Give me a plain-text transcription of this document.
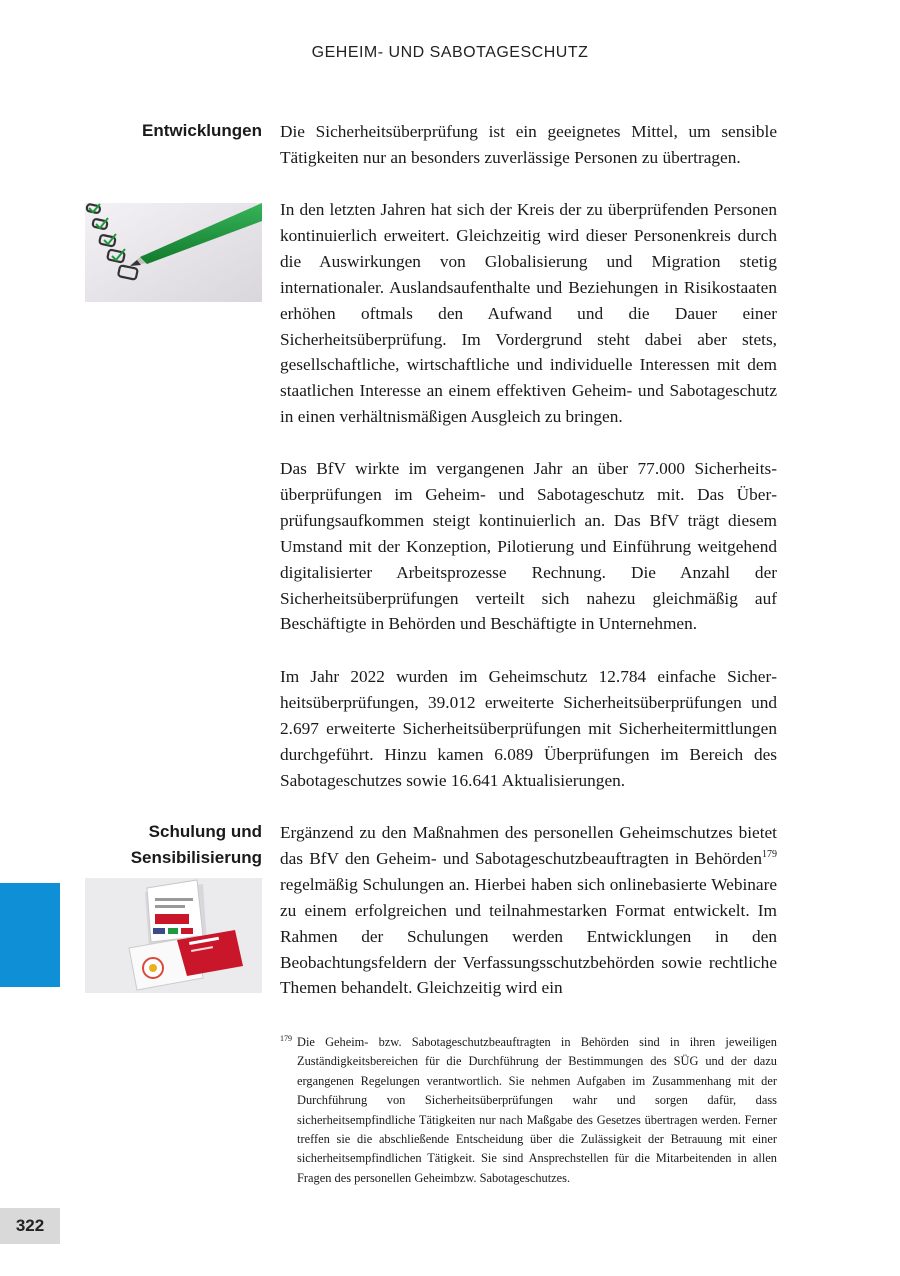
GEHEIM- UND SABOTAGESCHUTZ
Entwicklungen Die Sicherheitsüberprüfung ist ein geeignetes Mittel, um sensible Tätigkeiten nur an besonders zuverlässige Personen zu übertragen.

In den letzten Jahren hat sich der Kreis der zu überprüfenden Personen kontinuierlich erweitert. Gleichzeitig wird dieser Personenkreis durch die Auswirkungen von Globalisierung und Migration stetig internationaler. Auslandsaufenthalte und Beziehungen in Risikostaaten erhöhen oftmals den Aufwand und die Dauer einer Sicherheitsüberprüfung. Im Vordergrund steht dabei aber stets, gesellschaftliche, wirtschaftliche und individuelle Interessen mit dem staatlichen Interesse an einem effektiven Geheim- und Sabotageschutz in einen verhältnismäßigen Ausgleich zu bringen.

Das BfV wirkte im vergangenen Jahr an über 77.000 Sicherheitsüberprüfungen im Geheim- und Sabotageschutz mit. Das Überprüfungsaufkommen steigt kontinuierlich an. Das BfV trägt diesem Umstand mit der Konzeption, Pilotierung und Einführung weitgehend digitalisierter Arbeitsprozesse Rechnung. Die Anzahl der Sicherheitsüberprüfungen verteilt sich nahezu gleichmäßig auf Beschäftigte in Behörden und Beschäftigte in Unternehmen.

Im Jahr 2022 wurden im Geheimschutz 12.784 einfache Sicherheitsüberprüfungen, 39.012 erweiterte Sicherheitsüberprüfungen und 2.697 erweiterte Sicherheitsüberprüfungen mit Sicherheitermittlungen durchgeführt. Hinzu kamen 6.089 Überprüfungen im Bereich des Sabotageschutzes sowie 16.641 Aktualisierungen.

Schulung und
Sensibilisierung

Ergänzend zu den Maßnahmen des personellen Geheimschutzes bietet das BfV den Geheim- und Sabotageschutzbeauftragten in Behörden$^{179}$ regelmäßig Schulungen an. Hierbei haben sich onlinebasierte Webinare zu einem erfolgreichen und teilnahmestarken Format entwickelt. Im Rahmen der Schulungen werden Entwicklungen in den Beobachtungsfeldern der Verfassungsschutzbehörden sowie rechtliche Themen behandelt. Gleichzeitig wird ein

179 Die Geheim- bzw. Sabotageschutzbeauftragten in Behörden sind in ihren jeweiligen Zuständigkeitsbereichen für die Durchführung der Bestimmungen des SÜG und der dazu ergangenen Regelungen verantwortlich. Sie nehmen Aufgaben im Zusammenhang mit der Durchführung von Sicherheitsüberprüfungen wahr und sorgen dafür, dass sicherheitsempfindliche Tätigkeiten nur nach Maßgabe des Gesetzes übertragen werden. Ferner treffen sie die abschließende Entscheidung über die Zulässigkeit der Betrauung mit einer sicherheitsempfindlichen Tätigkeit. Sie sind Ansprechstellen für die Mitarbeitenden in allen Fragen des personellen Geheimbzw. Sabotageschutzes.
322
